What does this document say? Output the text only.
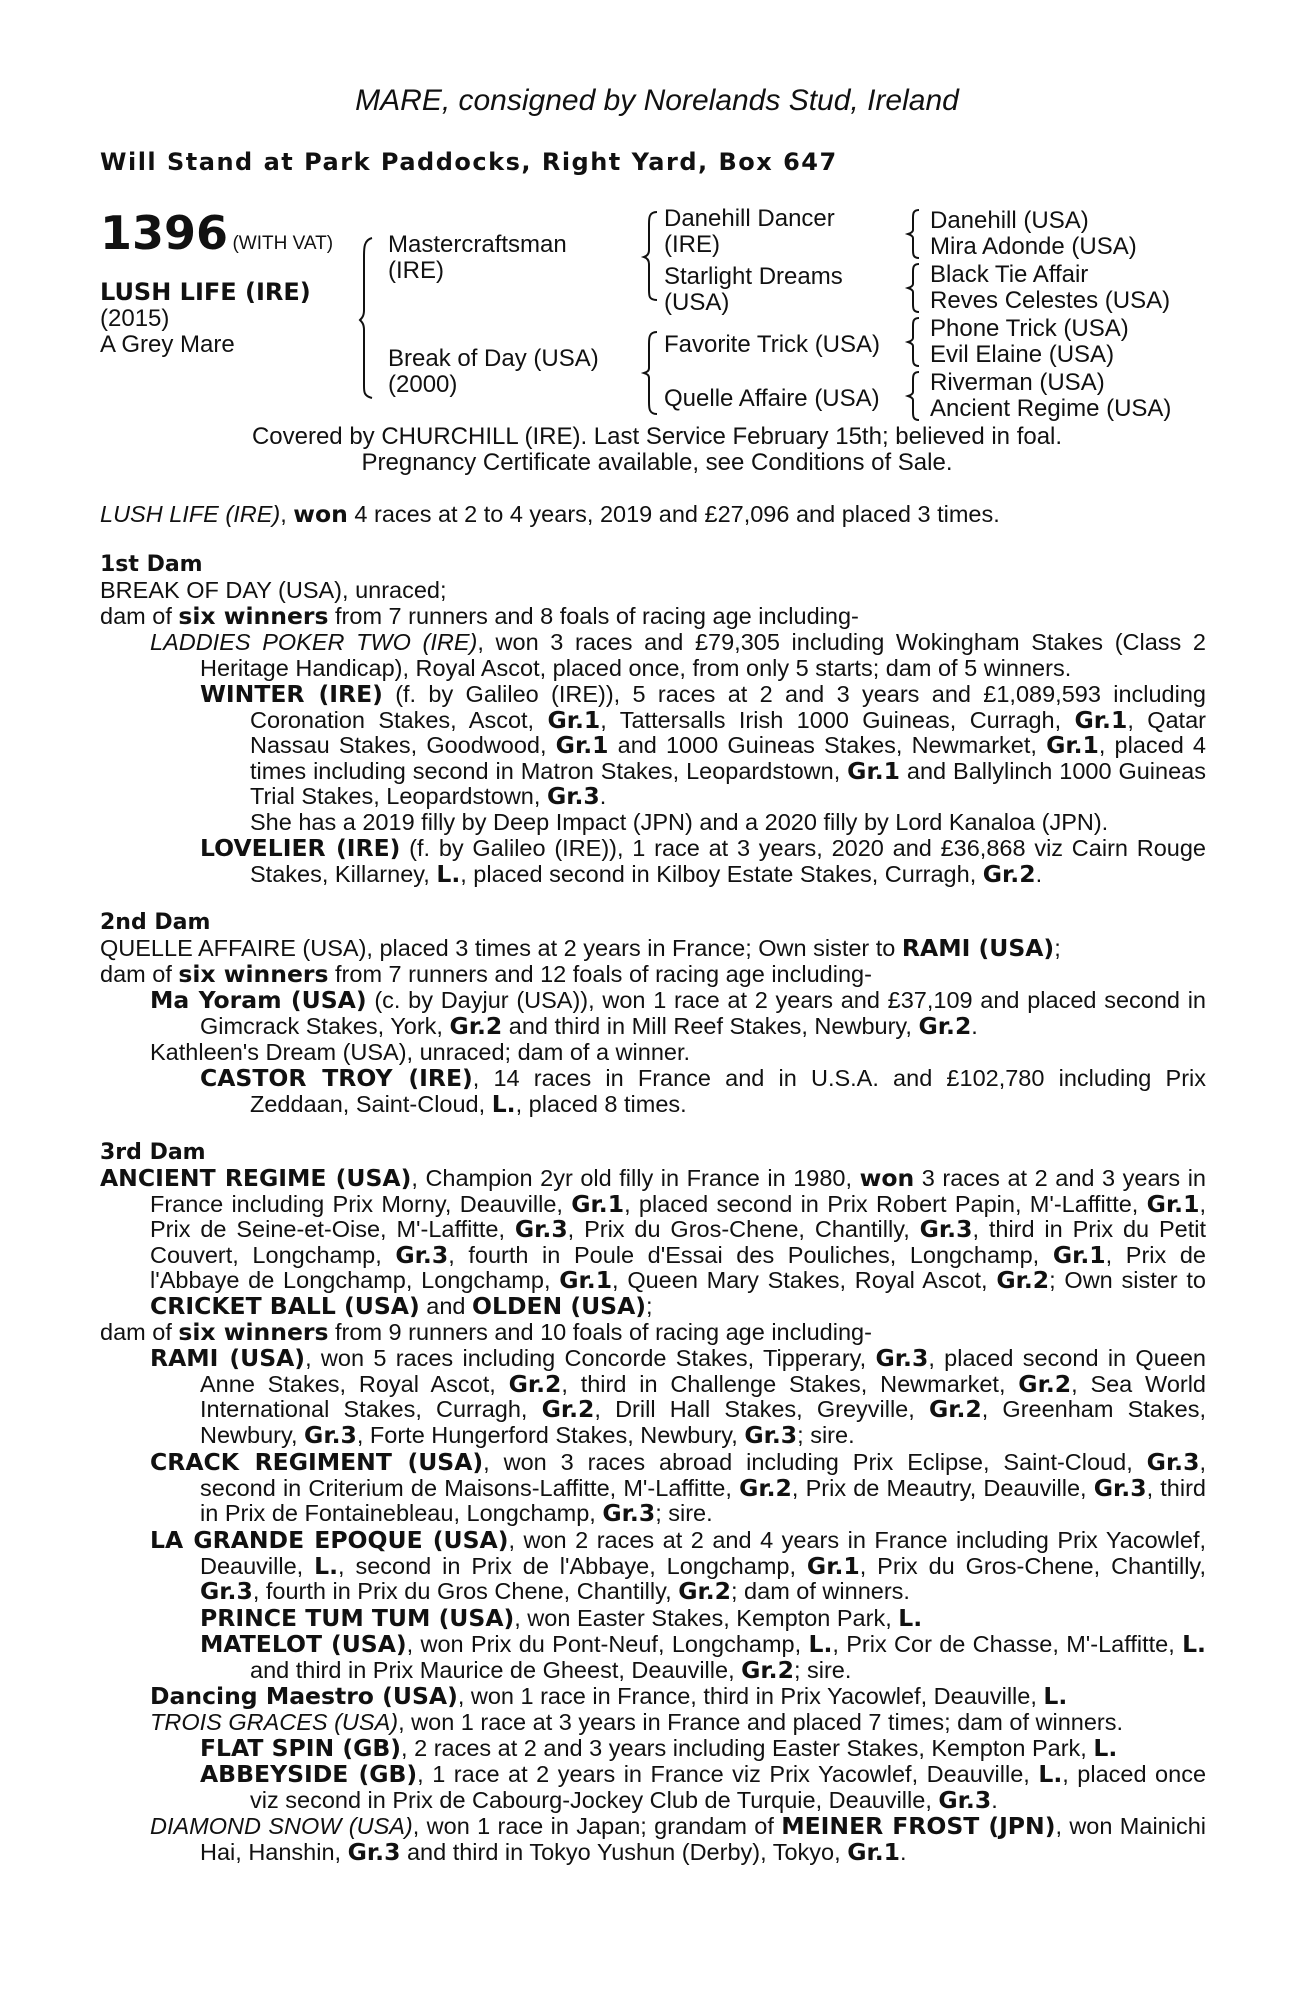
MARE, consigned by Norelands Stud, Ireland
Will Stand at Park Paddocks, Right Yard, Box 647
1396 (WITH VAT)
LUSH LIFE (IRE)
(2015)
A Grey Mare
Mastercraftsman
(IRE)
Break of Day (USA)
(2000)
Danehill Dancer
(IRE)
Starlight Dreams
(USA)
Favorite Trick (USA)
Quelle Affaire (USA)
Danehill (USA)
Mira Adonde (USA)
Black Tie Affair
Reves Celestes (USA)
Phone Trick (USA)
Evil Elaine (USA)
Riverman (USA)
Ancient Regime (USA)
Covered by CHURCHILL (IRE). Last Service February 15th; believed in foal.
Pregnancy Certificate available, see Conditions of Sale.
LUSH LIFE (IRE), won 4 races at 2 to 4 years, 2019 and £27,096 and placed 3 times.
1st Dam
BREAK OF DAY (USA), unraced;
dam of six winners from 7 runners and 8 foals of racing age including-

LADDIES POKER TWO (IRE), won 3 races and £79,305 including Wokingham Stakes (Class 2 Heritage Handicap), Royal Ascot, placed once, from only 5 starts; dam of 5 winners.

WINTER (IRE) (f. by Galileo (IRE)), 5 races at 2 and 3 years and £1,089,593 including Coronation Stakes, Ascot, Gr.1, Tattersalls Irish 1000 Guineas, Curragh, Gr.1, Qatar Nassau Stakes, Goodwood, Gr.1 and 1000 Guineas Stakes, Newmarket, Gr.1, placed 4 times including second in Matron Stakes, Leopardstown, Gr.1 and Ballylinch 1000 Guineas Trial Stakes, Leopardstown, Gr.3.

She has a 2019 filly by Deep Impact (JPN) and a 2020 filly by Lord Kanaloa (JPN).

LOVELIER (IRE) (f. by Galileo (IRE)), 1 race at 3 years, 2020 and £36,868 viz Cairn Rouge Stakes, Killarney, L., placed second in Kilboy Estate Stakes, Curragh, Gr.2.

2nd Dam
QUELLE AFFAIRE (USA), placed 3 times at 2 years in France; Own sister to RAMI (USA);
dam of six winners from 7 runners and 12 foals of racing age including-

Ma Yoram (USA) (c. by Dayjur (USA)), won 1 race at 2 years and £37,109 and placed second in Gimcrack Stakes, York, Gr.2 and third in Mill Reef Stakes, Newbury, Gr.2.

Kathleen's Dream (USA), unraced; dam of a winner.

CASTOR TROY (IRE), 14 races in France and in U.S.A. and £102,780 including Prix Zeddaan, Saint-Cloud, L., placed 8 times.

3rd Dam

ANCIENT REGIME (USA), Champion 2yr old filly in France in 1980, won 3 races at 2 and 3 years in France including Prix Morny, Deauville, Gr.1, placed second in Prix Robert Papin, M'-Laffitte, Gr.1, Prix de Seine-et-Oise, M'-Laffitte, Gr.3, Prix du Gros-Chene, Chantilly, Gr.3, third in Prix du Petit Couvert, Longchamp, Gr.3, fourth in Poule d'Essai des Pouliches, Longchamp, Gr.1, Prix de l'Abbaye de Longchamp, Longchamp, Gr.1, Queen Mary Stakes, Royal Ascot, Gr.2; Own sister to CRICKET BALL (USA) and OLDEN (USA);

dam of six winners from 9 runners and 10 foals of racing age including-

RAMI (USA), won 5 races including Concorde Stakes, Tipperary, Gr.3, placed second in Queen Anne Stakes, Royal Ascot, Gr.2, third in Challenge Stakes, Newmarket, Gr.2, Sea World International Stakes, Curragh, Gr.2, Drill Hall Stakes, Greyville, Gr.2, Greenham Stakes, Newbury, Gr.3, Forte Hungerford Stakes, Newbury, Gr.3; sire.

CRACK REGIMENT (USA), won 3 races abroad including Prix Eclipse, Saint-Cloud, Gr.3, second in Criterium de Maisons-Laffitte, M'-Laffitte, Gr.2, Prix de Meautry, Deauville, Gr.3, third in Prix de Fontainebleau, Longchamp, Gr.3; sire.

LA GRANDE EPOQUE (USA), won 2 races at 2 and 4 years in France including Prix Yacowlef, Deauville, L., second in Prix de l'Abbaye, Longchamp, Gr.1, Prix du Gros-Chene, Chantilly, Gr.3, fourth in Prix du Gros Chene, Chantilly, Gr.2; dam of winners.

PRINCE TUM TUM (USA), won Easter Stakes, Kempton Park, L.

MATELOT (USA), won Prix du Pont-Neuf, Longchamp, L., Prix Cor de Chasse, M'-Laffitte, L. and third in Prix Maurice de Gheest, Deauville, Gr.2; sire.

Dancing Maestro (USA), won 1 race in France, third in Prix Yacowlef, Deauville, L.
TROIS GRACES (USA), won 1 race at 3 years in France and placed 7 times; dam of winners.
FLAT SPIN (GB), 2 races at 2 and 3 years including Easter Stakes, Kempton Park, L.

ABBEYSIDE (GB), 1 race at 2 years in France viz Prix Yacowlef, Deauville, L., placed once viz second in Prix de Cabourg-Jockey Club de Turquie, Deauville, Gr.3.

DIAMOND SNOW (USA), won 1 race in Japan; grandam of MEINER FROST (JPN), won Mainichi Hai, Hanshin, Gr.3 and third in Tokyo Yushun (Derby), Tokyo, Gr.1.
